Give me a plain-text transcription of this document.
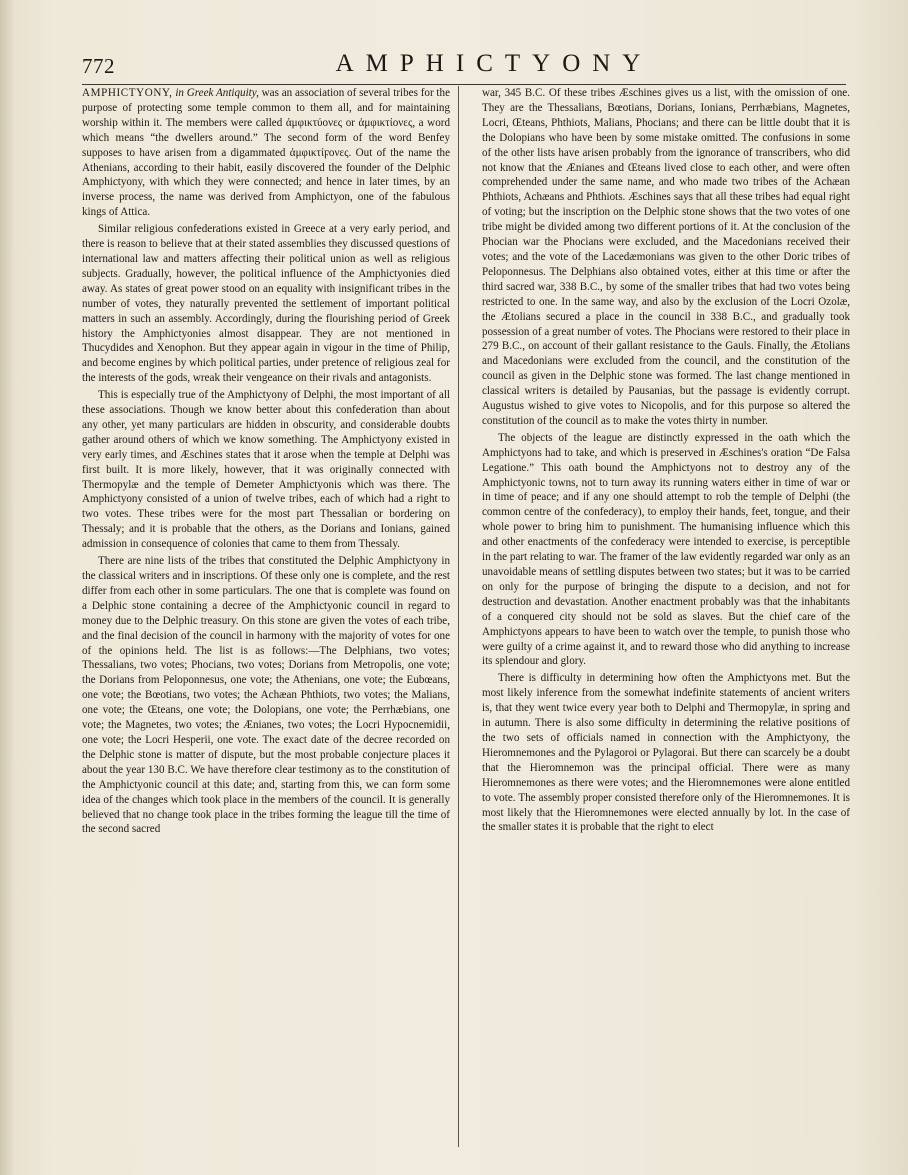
772	AMPHICTYONY

AMPHICTYONY, in Greek Antiquity, was an association of several tribes for the purpose of protecting some temple common to them all, and for maintaining worship within it. The members were called ἀμφικτύονες or ἀμφικτίονες, a word which means “the dwellers around.” The second form of the word Benfey supposes to have arisen from a digammated ἀμφικτίϝονες. Out of the name the Athenians, according to their habit, easily discovered the founder of the Delphic Amphictyony, with which they were connected; and hence in later times, by an inverse process, the name was derived from Amphictyon, one of the fabulous kings of Attica.

Similar religious confederations existed in Greece at a very early period, and there is reason to believe that at their stated assemblies they discussed questions of international law and matters affecting their political union as well as religious subjects. Gradually, however, the political influence of the Amphictyonies died away. As states of great power stood on an equality with insignificant tribes in the number of votes, they naturally prevented the settlement of important political matters in such an assembly. Accordingly, during the flourishing period of Greek history the Amphictyonies almost disappear. They are not mentioned in Thucydides and Xenophon. But they appear again in vigour in the time of Philip, and become engines by which political parties, under pretence of religious zeal for the interests of the gods, wreak their vengeance on their rivals and antagonists.

This is especially true of the Amphictyony of Delphi, the most important of all these associations. Though we know better about this confederation than about any other, yet many particulars are hidden in obscurity, and considerable doubts gather around others of which we know something. The Amphictyony existed in very early times, and Æschines states that it arose when the temple at Delphi was first built. It is more likely, however, that it was originally connected with Thermopylæ and the temple of Demeter Amphictyonis which was there. The Amphictyony consisted of a union of twelve tribes, each of which had a right to two votes. These tribes were for the most part Thessalian or bordering on Thessaly; and it is probable that the others, as the Dorians and Ionians, gained admission in consequence of colonies that came to them from Thessaly.

There are nine lists of the tribes that constituted the Delphic Amphictyony in the classical writers and in inscriptions. Of these only one is complete, and the rest differ from each other in some particulars. The one that is complete was found on a Delphic stone containing a decree of the Amphictyonic council in regard to money due to the Delphic treasury. On this stone are given the votes of each tribe, and the final decision of the council in harmony with the majority of votes for one of the opinions held. The list is as follows:—The Delphians, two votes; Thessalians, two votes; Phocians, two votes; Dorians from Metropolis, one vote; the Dorians from Peloponnesus, one vote; the Athenians, one vote; the Eubœans, one vote; the Bœotians, two votes; the Achæan Phthiots, two votes; the Malians, one vote; the Œteans, one vote; the Dolopians, one vote; the Perrhæbians, one vote; the Magnetes, two votes; the Ænianes, two votes; the Locri Hypocnemidii, one vote; the Locri Hesperii, one vote. The exact date of the decree recorded on the Delphic stone is matter of dispute, but the most probable conjecture places it about the year 130 B.C. We have therefore clear testimony as to the constitution of the Amphictyonic council at this date; and, starting from this, we can form some idea of the changes which took place in the members of the council. It is generally believed that no change took place in the tribes forming the league till the time of the second sacred

war, 345 B.C. Of these tribes Æschines gives us a list, with the omission of one. They are the Thessalians, Bœotians, Dorians, Ionians, Perrhæbians, Magnetes, Locri, Œteans, Phthiots, Malians, Phocians; and there can be little doubt that it is the Dolopians who have been by some mistake omitted. The confusions in some of the other lists have arisen probably from the ignorance of transcribers, who did not know that the Ænianes and Œteans lived close to each other, and were often comprehended under the same name, and who made two tribes of the Achæan Phthiots, Achæans and Phthiots. Æschines says that all these tribes had equal right of voting; but the inscription on the Delphic stone shows that the two votes of one tribe might be divided among two different portions of it. At the conclusion of the Phocian war the Phocians were excluded, and the Macedonians received their votes; and the vote of the Lacedæmonians was given to the other Doric tribes of Peloponnesus. The Delphians also obtained votes, either at this time or after the third sacred war, 338 B.C., by some of the smaller tribes that had two votes being restricted to one. In the same way, and also by the exclusion of the Locri Ozolæ, the Ætolians secured a place in the council in 338 B.C., and gradually took possession of a great number of votes. The Phocians were restored to their place in 279 B.C., on account of their gallant resistance to the Gauls. Finally, the Ætolians and Macedonians were excluded from the council, and the constitution of the council as given in the Delphic stone was formed. The last change mentioned in classical writers is detailed by Pausanias, but the passage is evidently corrupt. Augustus wished to give votes to Nicopolis, and for this purpose so altered the constitution of the council as to make the votes thirty in number.

The objects of the league are distinctly expressed in the oath which the Amphictyons had to take, and which is preserved in Æschines's oration “De Falsa Legatione.” This oath bound the Amphictyons not to destroy any of the Amphictyonic towns, not to turn away its running waters either in time of war or in time of peace; and if any one should attempt to rob the temple of Delphi (the common centre of the confederacy), to employ their hands, feet, tongue, and their whole power to bring him to punishment. The humanising influence which this and other enactments of the confederacy were intended to exercise, is perceptible in the part relating to war. The framer of the law evidently regarded war only as an unavoidable means of settling disputes between two states; but it was to be carried on only for the purpose of bringing the dispute to a decision, and not for destruction and devastation. Another enactment probably was that the inhabitants of a conquered city should not be sold as slaves. But the chief care of the Amphictyons appears to have been to watch over the temple, to punish those who were guilty of a crime against it, and to reward those who did anything to increase its splendour and glory.

There is difficulty in determining how often the Amphictyons met. But the most likely inference from the somewhat indefinite statements of ancient writers is, that they went twice every year both to Delphi and Thermopylæ, in spring and in autumn. There is also some difficulty in determining the relative positions of the two sets of officials named in connection with the Amphictyony, the Hieromnemones and the Pylagoroi or Pylagorai. But there can scarcely be a doubt that the Hieromnemon was the principal official. There were as many Hieromnemones as there were votes; and the Hieromnemones were alone entitled to vote. The assembly proper consisted therefore only of the Hieromnemones. It is most likely that the Hieromnemones were elected annually by lot. In the case of the smaller states it is probable that the right to elect
